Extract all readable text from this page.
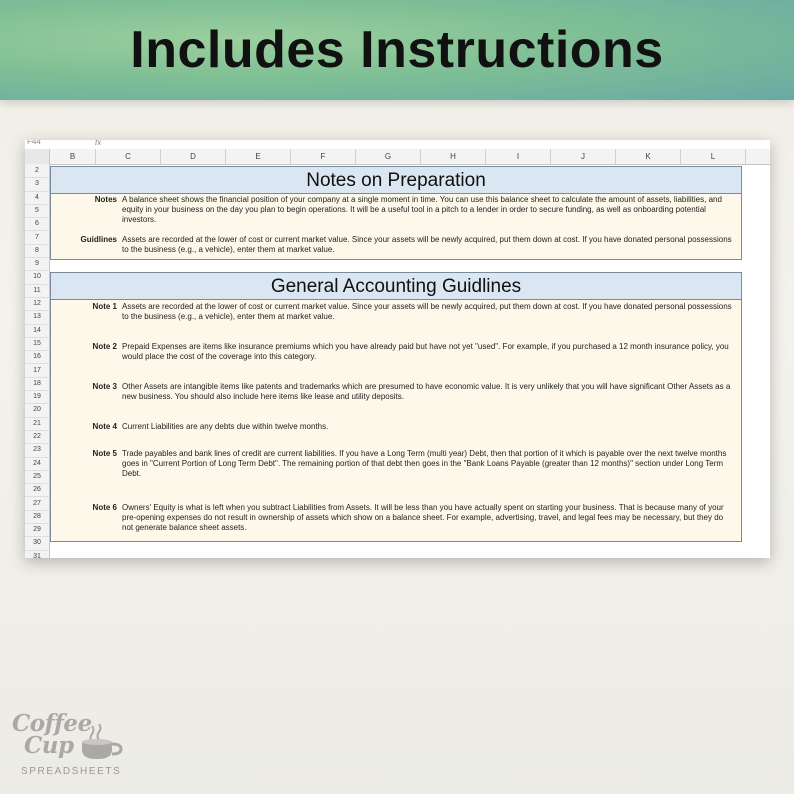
Includes Instructions
F44	fx
B	C	D	E	F	G	H	I	J	K	L
2
3
4
5
6
7
8
9
10
11
12
13
14
15
16
17
18
19
20
21
22
23
24
25
26
27
28
29
30
31
Notes on Preparation
Notes A balance sheet shows the financial position of your company at a single moment in time. You can use this balance sheet to calculate the amount of assets, liabilities, and equity in your business on the day you plan to begin operations. It will be a useful tool in a pitch to a lender in order to secure funding, as well as onboarding potential investors.
Guidlines Assets are recorded at the lower of cost or current market value. Since your assets will be newly acquired, put them down at cost. If you have donated personal possessions to the business (e.g., a vehicle), enter them at market value.
General Accounting Guidlines
Note 1 Assets are recorded at the lower of cost or current market value. Since your assets will be newly acquired, put them down at cost. If you have donated personal possessions to the business (e.g., a vehicle), enter them at market value.
Note 2 Prepaid Expenses are items like insurance premiums which you have already paid but have not yet "used". For example, if you purchased a 12 month insurance policy, you would place the cost of the coverage into this category.
Note 3 Other Assets are intangible items like patents and trademarks which are presumed to have economic value. It is very unlikely that you will have significant Other Assets as a new business. You should also include here items like lease and utility deposits.
Note 4 Current Liabilities are any debts due within twelve months.
Note 5 Trade payables and bank lines of credit are current liabilities. If you have a Long Term (multi year) Debt, then that portion of it which is payable over the next twelve months goes in "Current Portion of Long Term Debt". The remaining portion of that debt then goes in the "Bank Loans Payable (greater than 12 months)" section under Long Term Debt.
Note 6 Owners' Equity is what is left when you subtract Liabilities from Assets. It will be less than you have actually spent on starting your business. That is because many of your pre-opening expenses do not result in ownership of assets which show on a balance sheet. For example, advertising, travel, and legal fees may be necessary, but they do not generate balance sheet assets.
Coffee
Cup
SPREADSHEETS
